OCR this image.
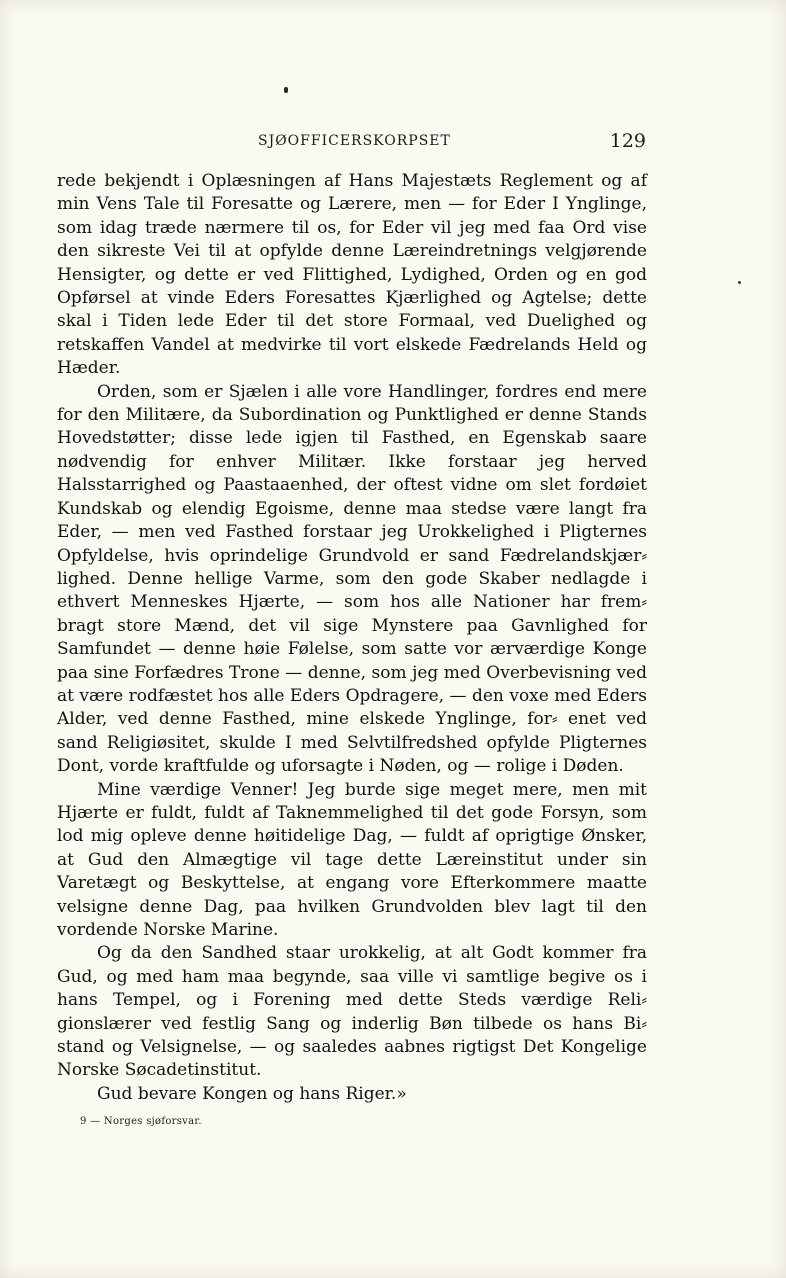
SJØOFFICERSKORPSET	129

rede bekjendt i Oplæsningen af Hans Majestæts Reglement og af min Vens Tale til Foresatte og Lærere, men — for Eder I Ynglinge, som idag træde nærmere til os, for Eder vil jeg med faa Ord vise den sikreste Vei til at opfylde denne Læreindretnings velgjørende Hensigter, og dette er ved Flittighed, Lydighed, Orden og en god Opførsel at vinde Eders Foresattes Kjærlighed og Agtelse; dette skal i Tiden lede Eder til det store Formaal, ved Duelighed og retskaffen Vandel at medvirke til vort elskede Fædrelands Held og Hæder.

Orden, som er Sjælen i alle vore Handlinger, fordres end mere for den Militære, da Subordination og Punktlighed er denne Stands Hovedstøtter; disse lede igjen til Fasthed, en Egenskab saare nødvendig for enhver Militær. Ikke forstaar jeg herved Halsstarrighed og Paastaaenhed, der oftest vidne om slet fordøiet Kundskab og elendig Egoisme, denne maa stedse være langt fra Eder, — men ved Fasthed forstaar jeg Urokkelighed i Pligternes Opfyldelse, hvis oprindelige Grundvold er sand Fædrelandskjær⸗ lighed. Denne hellige Varme, som den gode Skaber nedlagde i ethvert Menneskes Hjærte, — som hos alle Nationer har frem⸗ bragt store Mænd, det vil sige Mynstere paa Gavnlighed for Samfundet — denne høie Følelse, som satte vor ærværdige Konge paa sine Forfædres Trone — denne, som jeg med Overbevisning ved at være rodfæstet hos alle Eders Opdragere, — den voxe med Eders Alder, ved denne Fasthed, mine elskede Ynglinge, for⸗ enet ved sand Religiøsitet, skulde I med Selvtilfredshed opfylde Pligternes Dont, vorde kraftfulde og uforsagte i Nøden, og — rolige i Døden.

Mine værdige Venner! Jeg burde sige meget mere, men mit Hjærte er fuldt, fuldt af Taknemmelighed til det gode Forsyn, som lod mig opleve denne høitidelige Dag, — fuldt af oprigtige Ønsker, at Gud den Almægtige vil tage dette Læreinstitut under sin Varetægt og Beskyttelse, at engang vore Efterkommere maatte velsigne denne Dag, paa hvilken Grundvolden blev lagt til den vordende Norske Marine.

Og da den Sandhed staar urokkelig, at alt Godt kommer fra Gud, og med ham maa begynde, saa ville vi samtlige begive os i hans Tempel, og i Forening med dette Steds værdige Reli⸗ gionslærer ved festlig Sang og inderlig Bøn tilbede os hans Bi⸗ stand og Velsignelse, — og saaledes aabnes rigtigst Det Kongelige Norske Søcadetinstitut.

Gud bevare Kongen og hans Riger.»

9 — Norges sjøforsvar.
